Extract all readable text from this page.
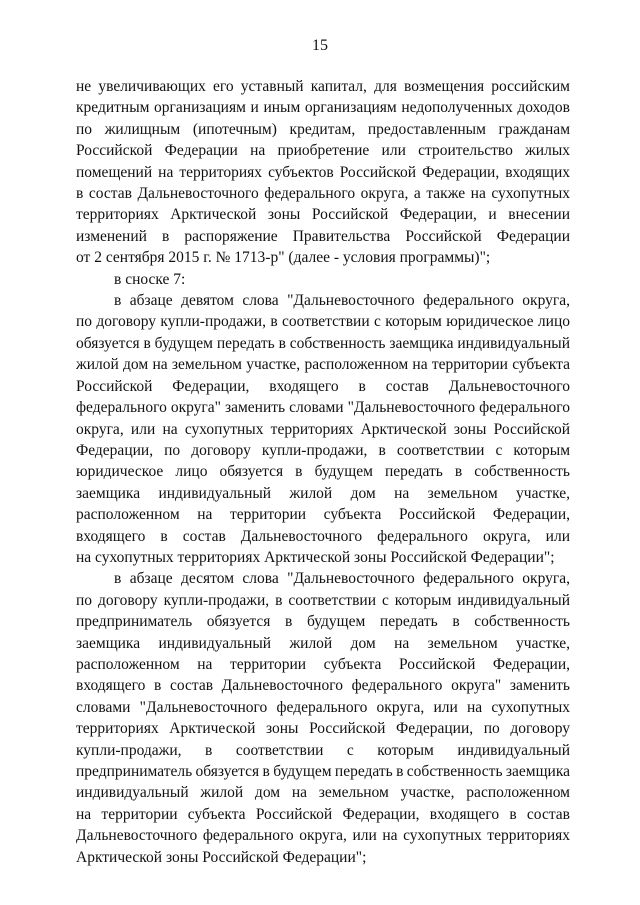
15

не увеличивающих его уставный капитал, для возмещения российским
кредитным организациям и иным организациям недополученных доходов
по жилищным (ипотечным) кредитам, предоставленным гражданам
Российской Федерации на приобретение или строительство жилых
помещений на территориях субъектов Российской Федерации, входящих
в состав Дальневосточного федерального округа, а также на сухопутных
территориях Арктической зоны Российской Федерации, и внесении
изменений в распоряжение Правительства Российской Федерации
от 2 сентября 2015 г. № 1713-р" (далее - условия программы)";

в сноске 7:

в абзаце девятом слова "Дальневосточного федерального округа,
по договору купли-продажи, в соответствии с которым юридическое лицо
обязуется в будущем передать в собственность заемщика индивидуальный
жилой дом на земельном участке, расположенном на территории субъекта
Российской Федерации, входящего в состав Дальневосточного
федерального округа" заменить словами "Дальневосточного федерального
округа, или на сухопутных территориях Арктической зоны Российской
Федерации, по договору купли-продажи, в соответствии с которым
юридическое лицо обязуется в будущем передать в собственность
заемщика индивидуальный жилой дом на земельном участке,
расположенном на территории субъекта Российской Федерации,
входящего в состав Дальневосточного федерального округа, или
на сухопутных территориях Арктической зоны Российской Федерации";

в абзаце десятом слова "Дальневосточного федерального округа,
по договору купли-продажи, в соответствии с которым индивидуальный
предприниматель обязуется в будущем передать в собственность
заемщика индивидуальный жилой дом на земельном участке,
расположенном на территории субъекта Российской Федерации,
входящего в состав Дальневосточного федерального округа" заменить
словами "Дальневосточного федерального округа, или на сухопутных
территориях Арктической зоны Российской Федерации, по договору
купли-продажи, в соответствии с которым индивидуальный
предприниматель обязуется в будущем передать в собственность заемщика
индивидуальный жилой дом на земельном участке, расположенном
на территории субъекта Российской Федерации, входящего в состав
Дальневосточного федерального округа, или на сухопутных территориях
Арктической зоны Российской Федерации";
